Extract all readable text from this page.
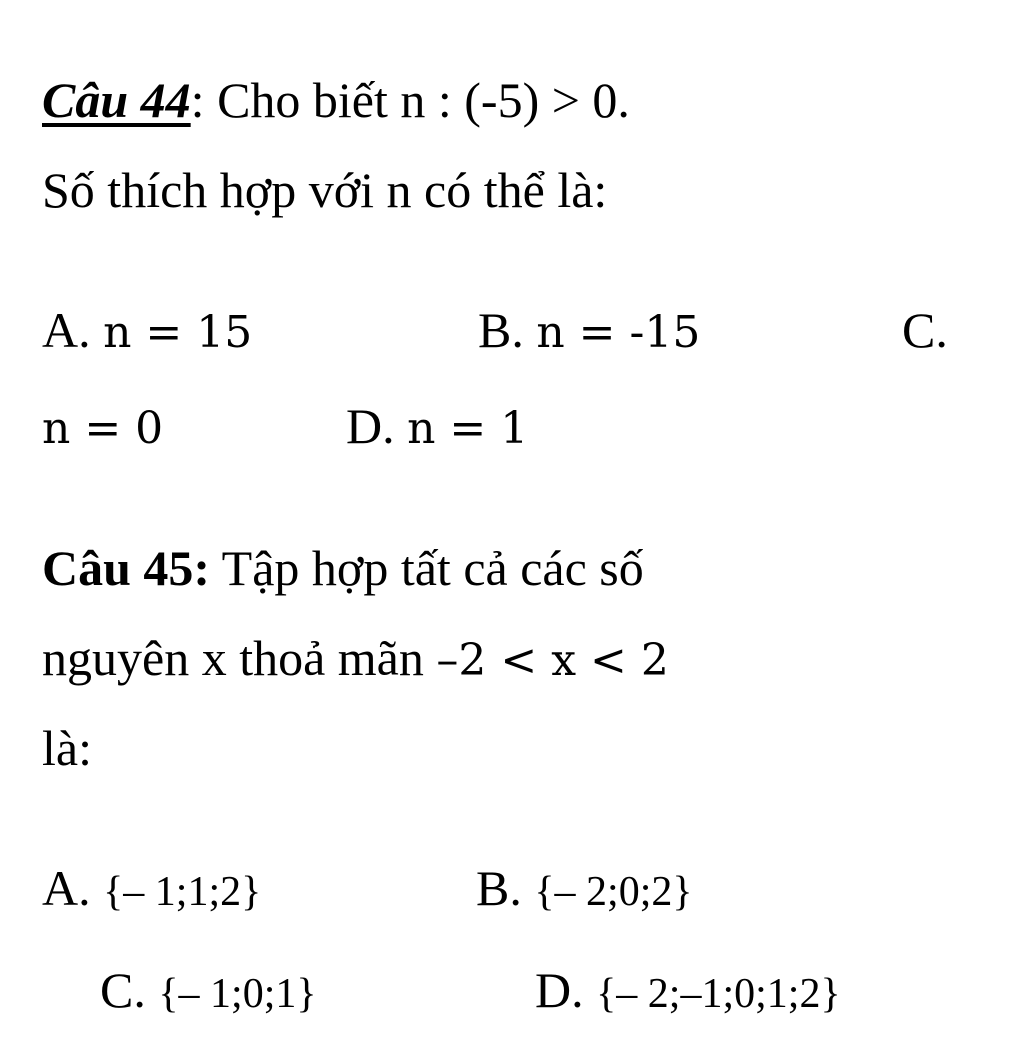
Câu 44: Cho biết n : (-5) > 0.
Số thích hợp với n có thể là:
A. n = 15	B. n = -15	C.
n = 0	D. n = 1
Câu 45: Tập hợp tất cả các số
nguyên x thoả mãn –2 < x < 2
là:
A. {– 1;1;2}	B. {– 2;0;2}
C. {– 1;0;1}	D. {– 2;–1;0;1;2}
